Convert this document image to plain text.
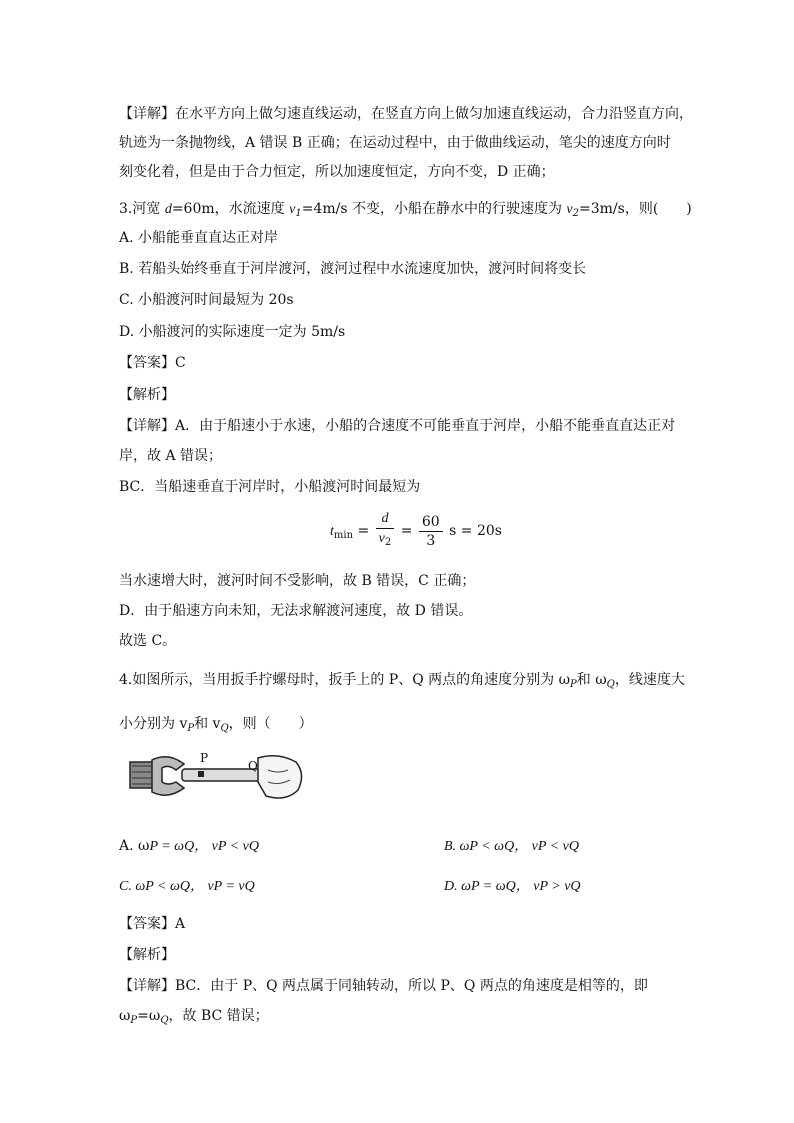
【详解】在水平方向上做匀速直线运动，在竖直方向上做匀加速直线运动，合力沿竖直方向，
轨迹为一条抛物线，A 错误 B 正确；在运动过程中，由于做曲线运动，笔尖的速度方向时
刻变化着，但是由于合力恒定，所以加速度恒定，方向不变，D 正确；
3.河宽 d=60m，水流速度 $v_1=4m/s$ 不变，小船在静水中的行驶速度为 $v_2=3m/s$，则(　　)
A. 小船能垂直直达正对岸
B. 若船头始终垂直于河岸渡河，渡河过程中水流速度加快，渡河时间将变长
C. 小船渡河时间最短为 20s
D. 小船渡河的实际速度一定为 5m/s
【答案】C
【解析】
【详解】A．由于船速小于水速，小船的合速度不可能垂直于河岸，小船不能垂直直达正对
岸，故 A 错误；
BC．当船速垂直于河岸时，小船渡河时间最短为
$t_{min} = \frac{d}{v_2} = \frac{60}{3}$ s = 20s
当水速增大时，渡河时间不受影响，故 B 错误，C 正确；
D．由于船速方向未知，无法求解渡河速度，故 D 错误。
故选 C。
4.如图所示，当用扳手拧螺母时，扳手上的 P、Q 两点的角速度分别为 $\omega_P$和 $\omega_Q$，线速度大
小分别为 $v_P$和 $v_Q$，则（　　）
P
Q
A. ωP = ωQ， vP < vQ	B. ωP < ωQ， vP < vQ
C. ωP < ωQ， vP = vQ	D. ωP = ωQ， vP > vQ
【答案】A
【解析】
【详解】BC．由于 P、Q 两点属于同轴转动，所以 P、Q 两点的角速度是相等的，即
$\omega_P=\omega_Q$，故 BC 错误；
